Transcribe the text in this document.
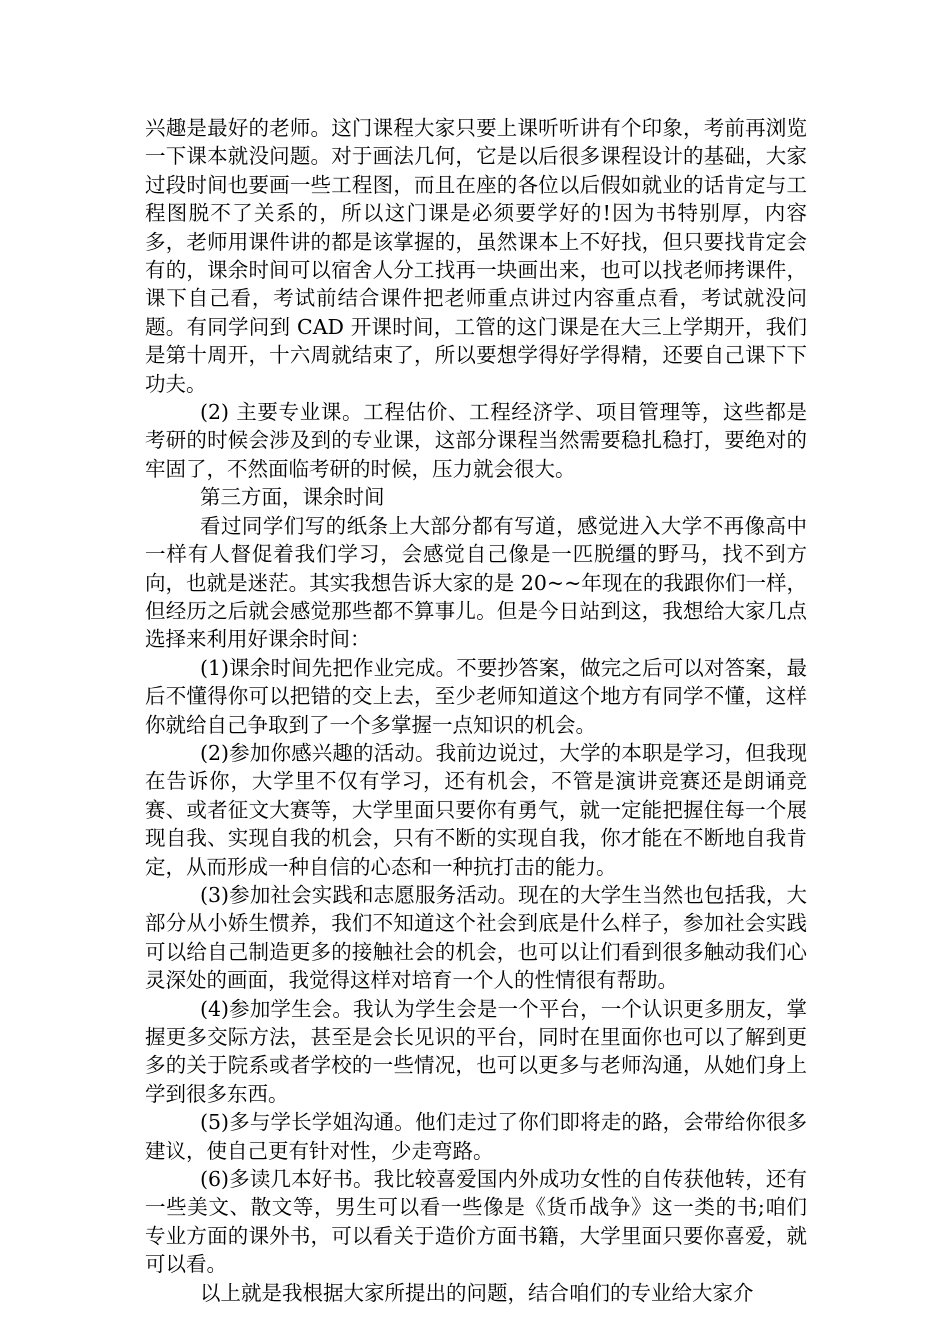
兴趣是最好的老师。这门课程大家只要上课听听讲有个印象，考前再浏览一下课本就没问题。对于画法几何，它是以后很多课程设计的基础，大家过段时间也要画一些工程图，而且在座的各位以后假如就业的话肯定与工程图脱不了关系的，所以这门课是必须要学好的!因为书特别厚，内容多，老师用课件讲的都是该掌握的，虽然课本上不好找，但只要找肯定会有的，课余时间可以宿舍人分工找再一块画出来，也可以找老师拷课件，课下自己看，考试前结合课件把老师重点讲过内容重点看，考试就没问题。有同学问到 CAD 开课时间，工管的这门课是在大三上学期开，我们是第十周开，十六周就结束了，所以要想学得好学得精，还要自己课下下功夫。

(2) 主要专业课。工程估价、工程经济学、项目管理等，这些都是考研的时候会涉及到的专业课，这部分课程当然需要稳扎稳打，要绝对的牢固了，不然面临考研的时候，压力就会很大。

第三方面，课余时间

看过同学们写的纸条上大部分都有写道，感觉进入大学不再像高中一样有人督促着我们学习，会感觉自己像是一匹脱缰的野马，找不到方向，也就是迷茫。其实我想告诉大家的是 20~~年现在的我跟你们一样，但经历之后就会感觉那些都不算事儿。但是今日站到这，我想给大家几点选择来利用好课余时间：

(1)课余时间先把作业完成。不要抄答案，做完之后可以对答案，最后不懂得你可以把错的交上去，至少老师知道这个地方有同学不懂，这样你就给自己争取到了一个多掌握一点知识的机会。

(2)参加你感兴趣的活动。我前边说过，大学的本职是学习，但我现在告诉你，大学里不仅有学习，还有机会，不管是演讲竞赛还是朗诵竞赛、或者征文大赛等，大学里面只要你有勇气，就一定能把握住每一个展现自我、实现自我的机会，只有不断的实现自我，你才能在不断地自我肯定，从而形成一种自信的心态和一种抗打击的能力。

(3)参加社会实践和志愿服务活动。现在的大学生当然也包括我，大部分从小娇生惯养，我们不知道这个社会到底是什么样子，参加社会实践可以给自己制造更多的接触社会的机会，也可以让们看到很多触动我们心灵深处的画面，我觉得这样对培育一个人的性情很有帮助。

(4)参加学生会。我认为学生会是一个平台，一个认识更多朋友，掌握更多交际方法，甚至是会长见识的平台，同时在里面你也可以了解到更多的关于院系或者学校的一些情况，也可以更多与老师沟通，从她们身上学到很多东西。

(5)多与学长学姐沟通。他们走过了你们即将走的路，会带给你很多建议，使自己更有针对性，少走弯路。

(6)多读几本好书。我比较喜爱国内外成功女性的自传获他转，还有一些美文、散文等，男生可以看一些像是《货币战争》这一类的书;咱们专业方面的课外书，可以看关于造价方面书籍，大学里面只要你喜爱，就可以看。

以上就是我根据大家所提出的问题，结合咱们的专业给大家介
